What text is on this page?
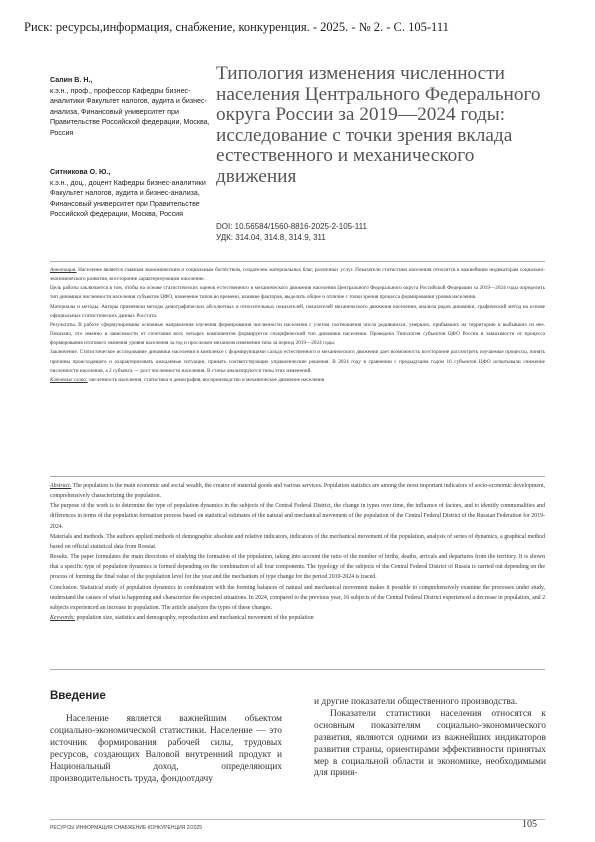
Риск: ресурсы,информация, снабжение, конкуренция. - 2025. - № 2. - С. 105-111
Салин В. Н.,
к.э.н., проф., профессор Кафедры бизнес-аналитики Факультет налогов, аудита и бизнес-анализа, Финансовый университет при Правительстве Российской федерации, Москва, Россия
Ситникова О. Ю.,
к.э.н., доц., доцент Кафедры бизнес-аналитики Факультет налогов, аудита и бизнес-анализа, Финансовый университет при Правительстве Российской федерации, Москва, Россия
Типология изменения численности населения Центрального Федерального округа России за 2019—2024 годы: исследование с точки зрения вклада естественного и механического движения
DOI: 10.56584/1560-8816-2025-2-105-111
УДК: 314.04, 314.8, 314.9, 311

Аннотация. Население является главным экономическим и социальным богатством, создателем материальных благ, различных услуг. Показатели статистики населения относятся к важнейшим индикаторам социально-экономического развития, всесторонне характеризующим население.

Цель работы заключается в том, чтобы на основе статистических оценок естественного и механического движения населения Центрального Федерального округа Российской Федерации за 2019—2024 годы определить тип динамики численности населения субъектов ЦФО, изменение типов во времени, влияние факторов, выделить общее и отличие с точки зрения процесса формирования уровня населения.

Материалы и методы. Авторы применили методы демографических абсолютных и относительных показателей, показателей механического движения населения, анализа рядов динамики, графический метод на основе официальных статистических данных Росстата.

Результаты. В работе сформулированы основные направления изучения формирования численности населения с учетом соотношения числа родившихся, умерших, прибывших на территорию и выбывших из нее. Показано, что именно в зависимости от сочетания всех четырех компонентов формируется специфический тип динамики населения. Проведена Типология субъектов ЦФО России в зависимости от процесса формирования итогового значения уровня населения за год и прослежен механизм изменения типа за период 2019—2024 годы.

Заключение. Статистическое исследование динамики населения в комплексе с формирующими сальдо естественного и механического движения дает возможность всесторонне рассмотреть изучаемые процессы, понять причины происходящего и охарактеризовать ожидаемые ситуации, принять соответствующие управленческие решения. В 2024 году в сравнении с предыдущим годом 16 субъектов ЦФО испытывали снижение численности населения, а 2 субъекта — рост численности населения. В статье анализируются типы этих изменений.

Ключевые слова: численность населения, статистика и демография, воспроизводство и механическое движение населения

Abstract. The population is the main economic and social wealth, the creator of material goods and various services. Population statistics are among the most important indicators of socio-economic development, comprehensively characterizing the population.

The purpose of the work is to determine the type of population dynamics in the subjects of the Central Federal District, the change in types over time, the influence of factors, and to identify commonalities and differences in terms of the population formation process based on statistical estimates of the natural and mechanical movement of the population of the Central Federal District of the Russian Federation for 2019-2024.

Materials and methods. The authors applied methods of demographic absolute and relative indicators, indicators of the mechanical movement of the population, analysis of series of dynamics, a graphical method based on official statistical data from Rosstat.

Results. The paper formulates the main directions of studying the formation of the population, taking into account the ratio of the number of births, deaths, arrivals and departures from the territory. It is shown that a specific type of population dynamics is formed depending on the combination of all four components. The typology of the subjects of the Central Federal District of Russia is carried out depending on the process of forming the final value of the population level for the year and the mechanism of type change for the period 2019-2024 is traced.

Conclusion. Statistical study of population dynamics in combination with the forming balances of natural and mechanical movement makes it possible to comprehensively examine the processes under study, understand the causes of what is happening and characterize the expected situations. In 2024, compared to the previous year, 16 subjects of the Central Federal District experienced a decrease in population, and 2 subjects experienced an increase in population. The article analyzes the types of these changes.

Keywords: population size, statistics and demography, reproduction and mechanical movement of the population

Введение

Население является важнейшим объектом социально-экономической статистики. Население — это источник формирования рабочей силы, трудовых ресурсов, создающих Валовой внутренний продукт и Национальный доход, определяющих производительность труда, фондоотдачу

и другие показатели общественного производства.

Показатели статистики населения относятся к основным показателям социально-экономического развития, являются одними из важнейших индикаторов развития страны, ориентирами эффективности принятых мер в социальной области и экономике, необходимыми для приня-

РЕСУРСЫ ИНФОРМАЦИЯ СНАБЖЕНИЕ КОНКУРЕНЦИЯ 2/2025	105
